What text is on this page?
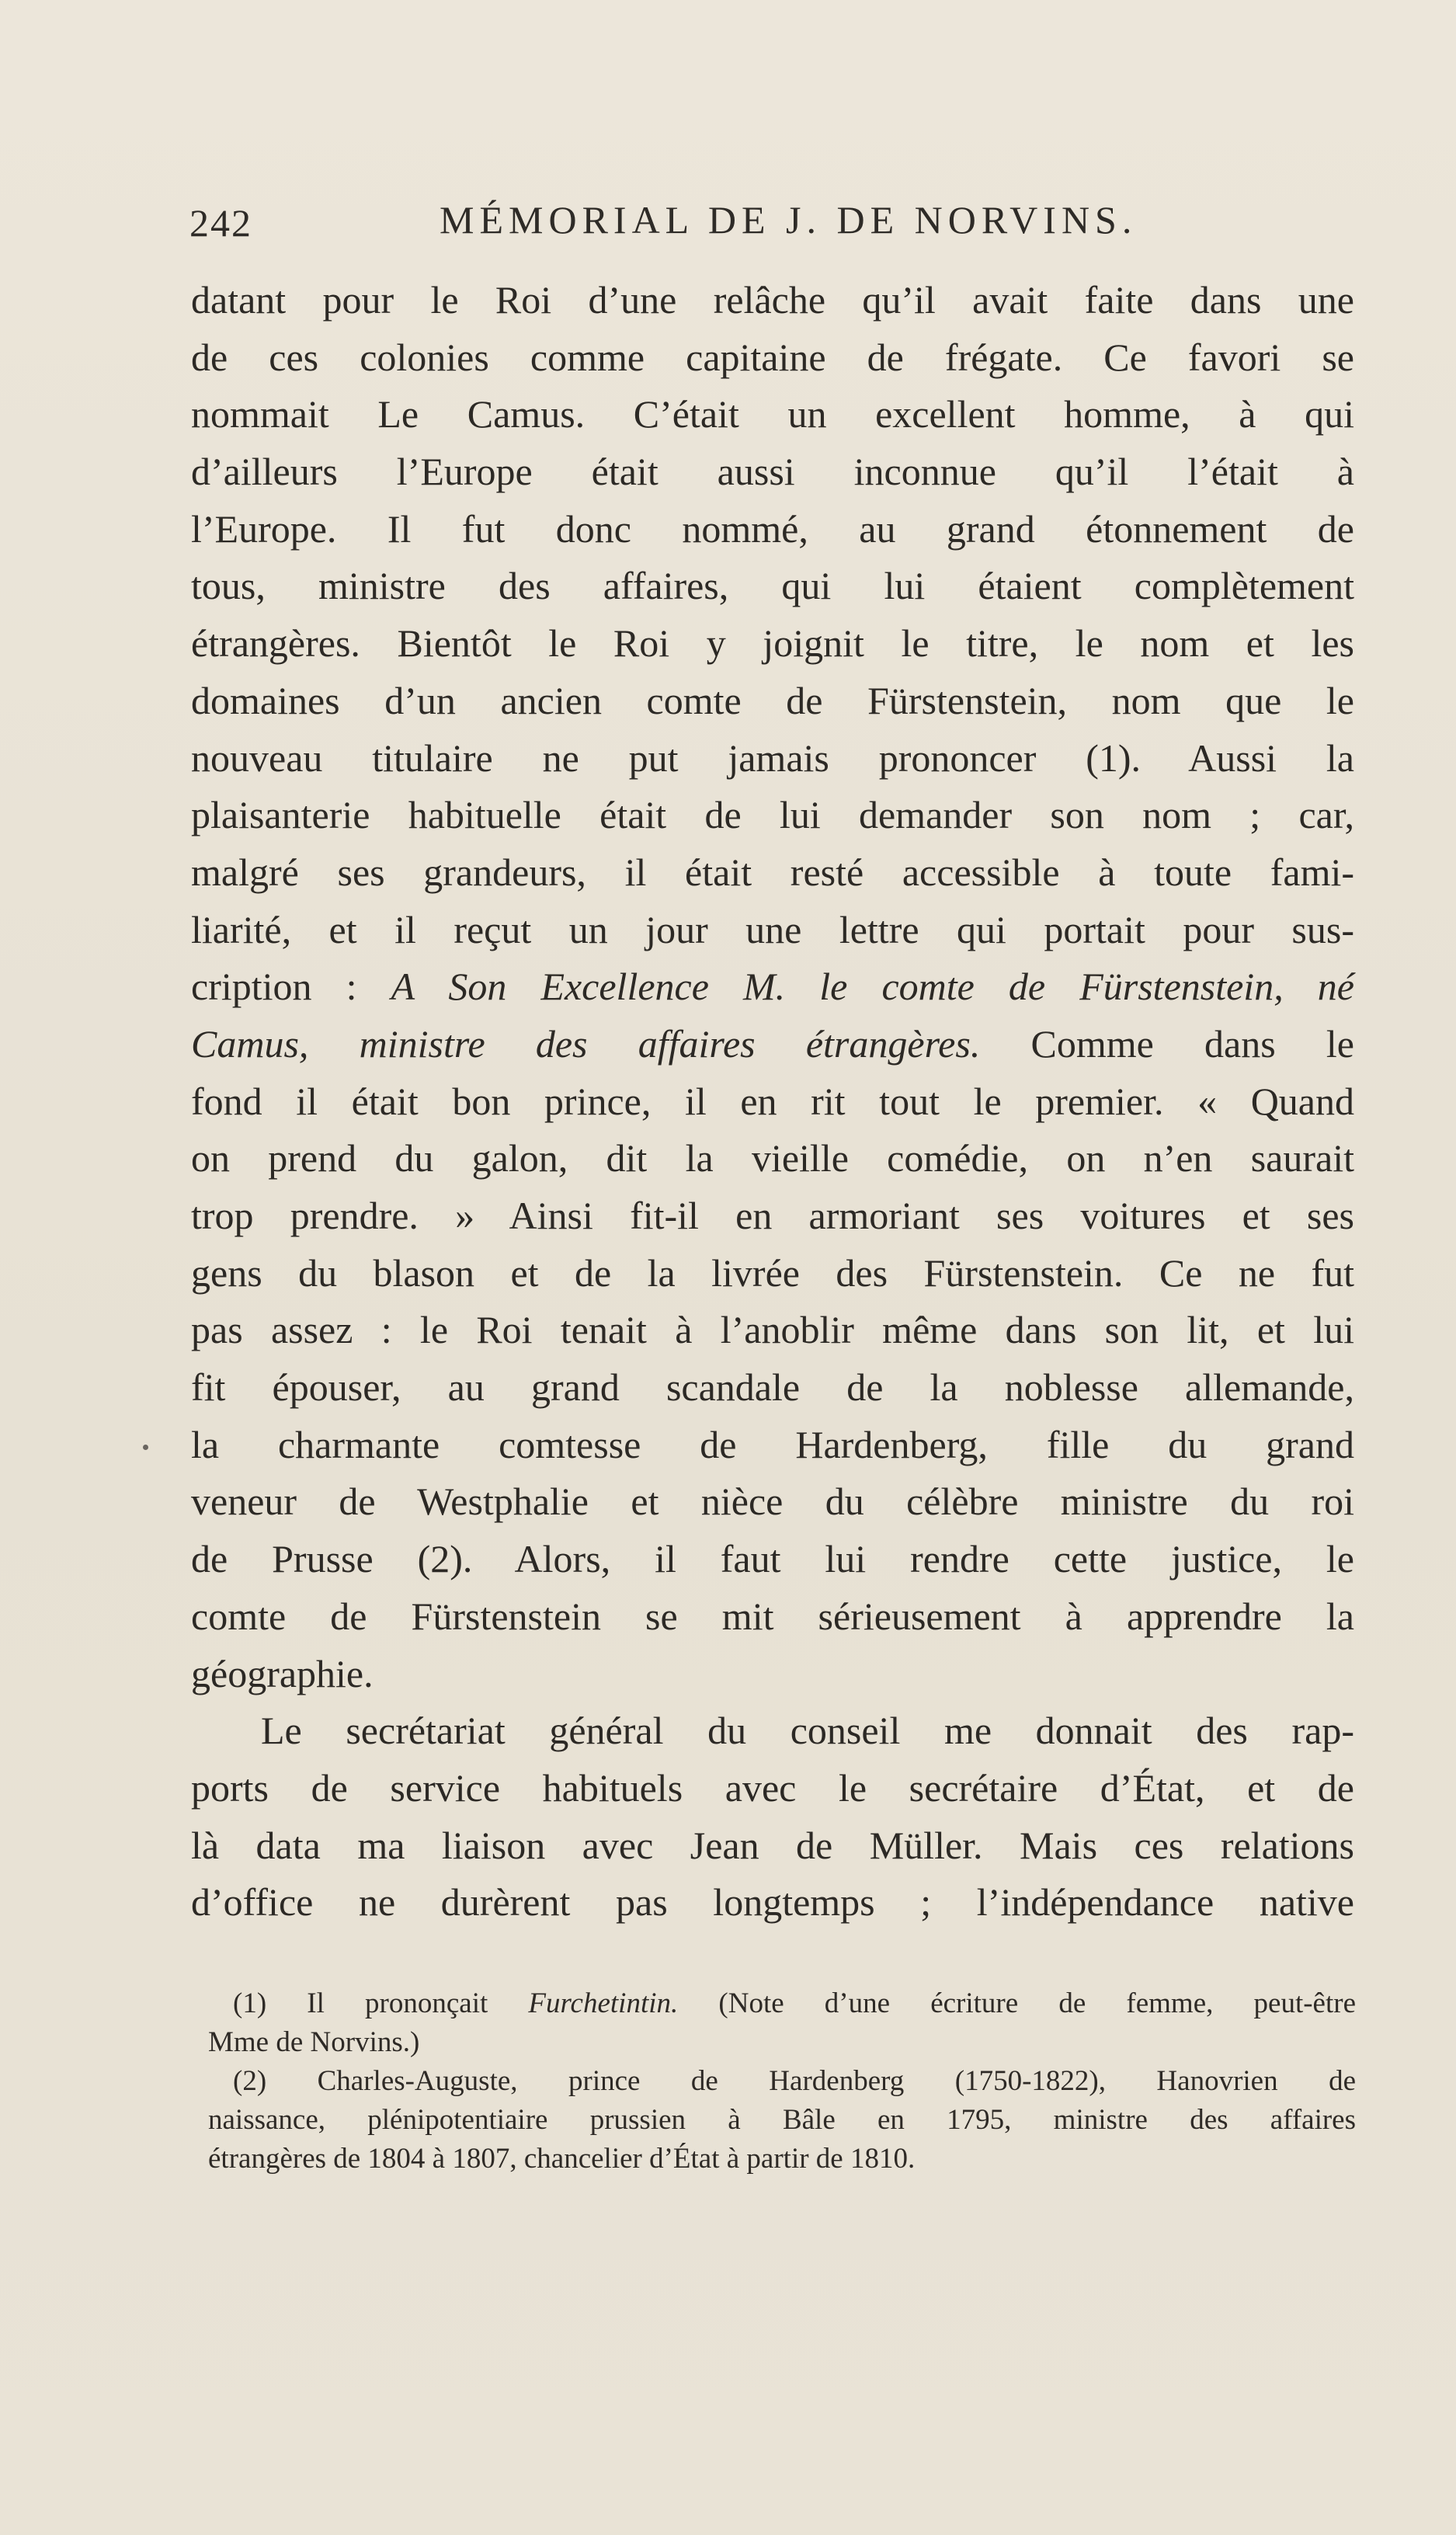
242	MÉMORIAL DE J. DE NORVINS.
datant pour le Roi d’une relâche qu’il avait faite dans une
de ces colonies comme capitaine de frégate. Ce favori se
nommait Le Camus. C’était un excellent homme, à qui
d’ailleurs l’Europe était aussi inconnue qu’il l’était à
l’Europe. Il fut donc nommé, au grand étonnement de
tous, ministre des affaires, qui lui étaient complètement
étrangères. Bientôt le Roi y joignit le titre, le nom et les
domaines d’un ancien comte de Fürstenstein, nom que le
nouveau titulaire ne put jamais prononcer (1). Aussi la
plaisanterie habituelle était de lui demander son nom ; car,
malgré ses grandeurs, il était resté accessible à toute fami-
liarité, et il reçut un jour une lettre qui portait pour sus-
cription : A Son Excellence M. le comte de Fürstenstein, né
Camus, ministre des affaires étrangères. Comme dans le
fond il était bon prince, il en rit tout le premier. « Quand
on prend du galon, dit la vieille comédie, on n’en saurait
trop prendre. » Ainsi fit-il en armoriant ses voitures et ses
gens du blason et de la livrée des Fürstenstein. Ce ne fut
pas assez : le Roi tenait à l’anoblir même dans son lit, et lui
fit épouser, au grand scandale de la noblesse allemande,
la charmante comtesse de Hardenberg, fille du grand
veneur de Westphalie et nièce du célèbre ministre du roi
de Prusse (2). Alors, il faut lui rendre cette justice, le
comte de Fürstenstein se mit sérieusement à apprendre la
géographie.
Le secrétariat général du conseil me donnait des rap-
ports de service habituels avec le secrétaire d’État, et de
là data ma liaison avec Jean de Müller. Mais ces relations
d’office ne durèrent pas longtemps ; l’indépendance native
(1) Il prononçait Furchetintin. (Note d’une écriture de femme, peut-être
Mme de Norvins.)
(2) Charles-Auguste, prince de Hardenberg (1750-1822), Hanovrien de
naissance, plénipotentiaire prussien à Bâle en 1795, ministre des affaires
étrangères de 1804 à 1807, chancelier d’État à partir de 1810.
